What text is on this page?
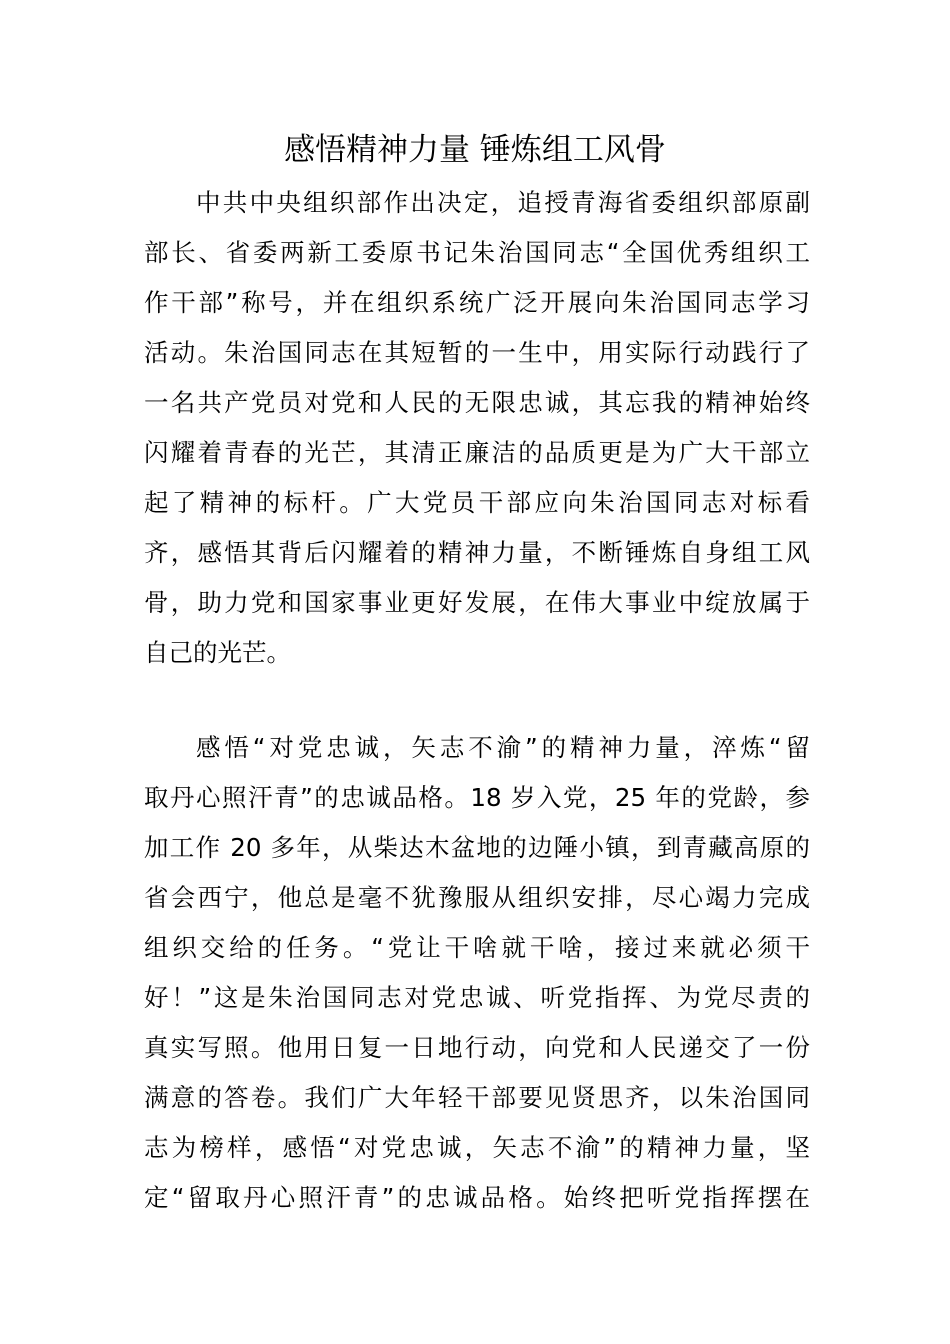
感悟精神力量 锤炼组工风骨
中共中央组织部作出决定，追授青海省委组织部原副
部长、省委两新工委原书记朱治国同志“全国优秀组织工
作干部”称号，并在组织系统广泛开展向朱治国同志学习
活动。朱治国同志在其短暂的一生中，用实际行动践行了
一名共产党员对党和人民的无限忠诚，其忘我的精神始终
闪耀着青春的光芒，其清正廉洁的品质更是为广大干部立
起了精神的标杆。广大党员干部应向朱治国同志对标看
齐，感悟其背后闪耀着的精神力量，不断锤炼自身组工风
骨，助力党和国家事业更好发展，在伟大事业中绽放属于
自己的光芒。
感悟“对党忠诚，矢志不渝”的精神力量，淬炼“留
取丹心照汗青”的忠诚品格。18 岁入党，25 年的党龄，参
加工作 20 多年，从柴达木盆地的边陲小镇，到青藏高原的
省会西宁，他总是毫不犹豫服从组织安排，尽心竭力完成
组织交给的任务。“党让干啥就干啥，接过来就必须干
好！”这是朱治国同志对党忠诚、听党指挥、为党尽责的
真实写照。他用日复一日地行动，向党和人民递交了一份
满意的答卷。我们广大年轻干部要见贤思齐，以朱治国同
志为榜样，感悟“对党忠诚，矢志不渝”的精神力量，坚
定“留取丹心照汗青”的忠诚品格。始终把听党指挥摆在
